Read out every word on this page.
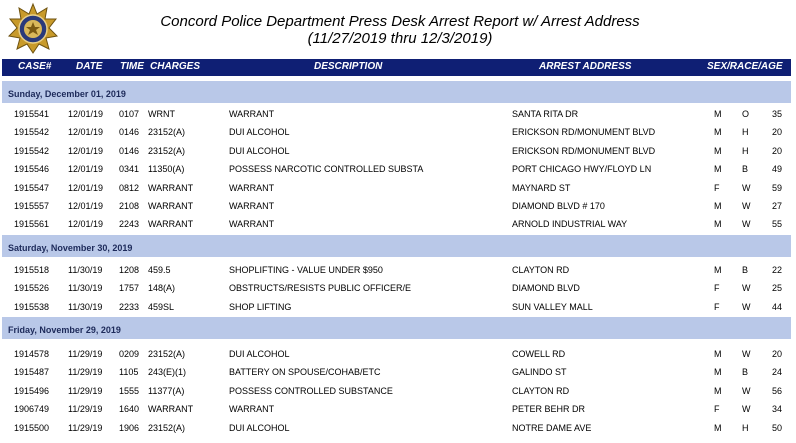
Concord Police Department Press Desk Arrest Report w/ Arrest Address
(11/27/2019 thru 12/3/2019)
CASE# DATE TIME CHARGES	DESCRIPTION	ARREST ADDRESS	SEX/RACE/AGE
Sunday, December 01, 2019
1915541 12/01/19 0107 WRNT	WARRANT	SANTA RITA DR	M O	35
1915542 12/01/19 0146 23152(A)	DUI ALCOHOL	ERICKSON RD/MONUMENT BLVD	M H	20
1915542 12/01/19 0146 23152(A)	DUI ALCOHOL	ERICKSON RD/MONUMENT BLVD	M H	20
1915546 12/01/19 0341 11350(A)	POSSESS NARCOTIC CONTROLLED SUBSTA	PORT CHICAGO HWY/FLOYD LN	M B	49
1915547 12/01/19 0812 WARRANT	WARRANT	MAYNARD ST	F	W 59
1915557 12/01/19 2108 WARRANT	WARRANT	DIAMOND BLVD # 170	M W 27
1915561 12/01/19 2243 WARRANT	WARRANT	ARNOLD INDUSTRIAL WAY	M W 55
Saturday, November 30, 2019
1915518 11/30/19 1208 459.5	SHOPLIFTING - VALUE UNDER $950	CLAYTON RD	M B	22
1915526 11/30/19 1757 148(A)	OBSTRUCTS/RESISTS PUBLIC OFFICER/E	DIAMOND BLVD	F	W 25
1915538 11/30/19 2233 459SL	SHOP LIFTING	SUN VALLEY MALL	F	W 44
Friday, November 29, 2019
1914578 11/29/19 0209 23152(A)	DUI ALCOHOL	COWELL RD	M W 20
1915487 11/29/19 1105 243(E)(1)	BATTERY ON SPOUSE/COHAB/ETC	GALINDO ST	M B	24
1915496 11/29/19 1555 11377(A)	POSSESS CONTROLLED SUBSTANCE	CLAYTON RD	M W 56
1906749 11/29/19 1640 WARRANT	WARRANT	PETER BEHR DR	F	W 34
1915500 11/29/19 1906 23152(A)	DUI ALCOHOL	NOTRE DAME AVE	M H	50
